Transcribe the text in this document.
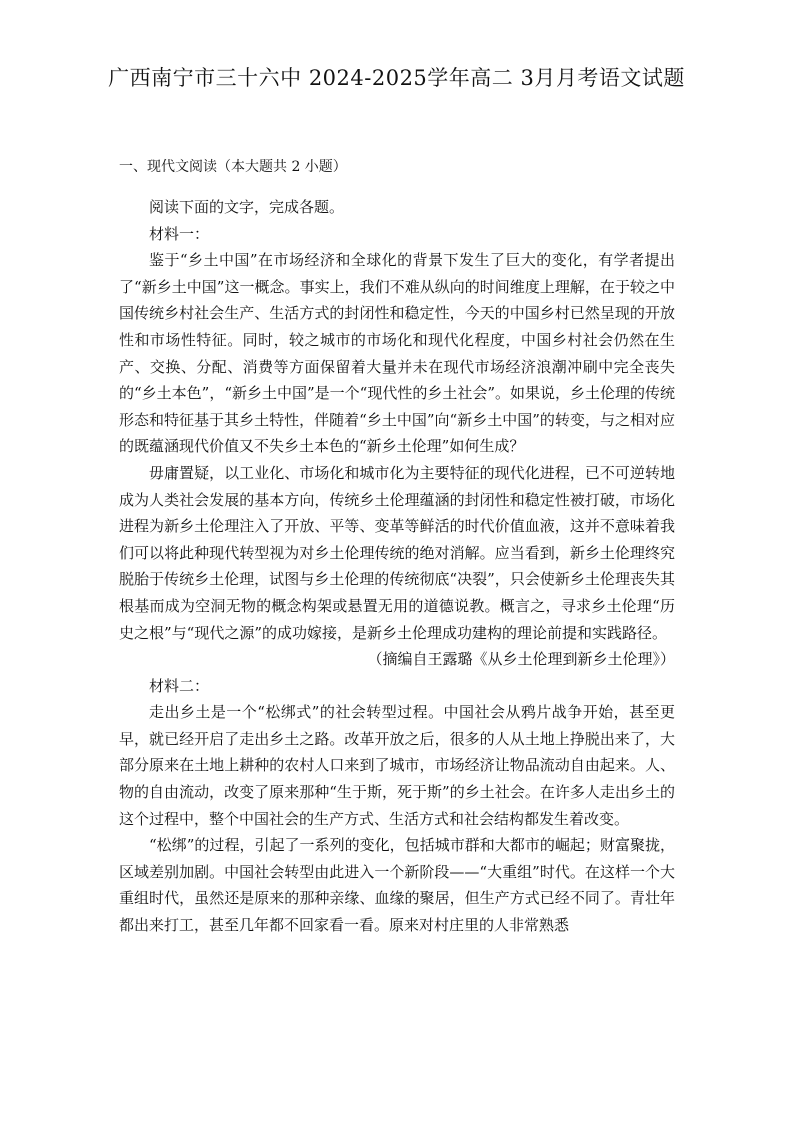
广西南宁市三十六中 2024-2025学年高二 3月月考语文试题
一、现代文阅读（本大题共 2 小题）

阅读下面的文字，完成各题。

材料一：

鉴于“乡土中国”在市场经济和全球化的背景下发生了巨大的变化，有学者提出了“新乡土中国”这一概念。事实上，我们不难从纵向的时间维度上理解，在于较之中国传统乡村社会生产、生活方式的封闭性和稳定性，今天的中国乡村已然呈现的开放性和市场性特征。同时，较之城市的市场化和现代化程度，中国乡村社会仍然在生产、交换、分配、消费等方面保留着大量并未在现代市场经济浪潮冲刷中完全丧失的“乡土本色”，“新乡土中国”是一个“现代性的乡土社会”。如果说，乡土伦理的传统形态和特征基于其乡土特性，伴随着“乡土中国”向“新乡土中国”的转变，与之相对应的既蕴涵现代价值又不失乡土本色的“新乡土伦理”如何生成？

毋庸置疑，以工业化、市场化和城市化为主要特征的现代化进程，已不可逆转地成为人类社会发展的基本方向，传统乡土伦理蕴涵的封闭性和稳定性被打破，市场化进程为新乡土伦理注入了开放、平等、变革等鲜活的时代价值血液，这并不意味着我们可以将此种现代转型视为对乡土伦理传统的绝对消解。应当看到，新乡土伦理终究脱胎于传统乡土伦理，试图与乡土伦理的传统彻底“决裂”，只会使新乡土伦理丧失其根基而成为空洞无物的概念构架或悬置无用的道德说教。概言之，寻求乡土伦理“历史之根”与“现代之源”的成功嫁接，是新乡土伦理成功建构的理论前提和实践路径。

（摘编自王露璐《从乡土伦理到新乡土伦理》）

材料二：

走出乡土是一个“松绑式”的社会转型过程。中国社会从鸦片战争开始，甚至更早，就已经开启了走出乡土之路。改革开放之后，很多的人从土地上挣脱出来了，大部分原来在土地上耕种的农村人口来到了城市，市场经济让物品流动自由起来。人、物的自由流动，改变了原来那种“生于斯，死于斯”的乡土社会。在许多人走出乡土的这个过程中，整个中国社会的生产方式、生活方式和社会结构都发生着改变。

“松绑”的过程，引起了一系列的变化，包括城市群和大都市的崛起；财富聚拢，区域差别加剧。中国社会转型由此进入一个新阶段——“大重组”时代。在这样一个大重组时代，虽然还是原来的那种亲缘、血缘的聚居，但生产方式已经不同了。青壮年都出来打工，甚至几年都不回家看一看。原来对村庄里的人非常熟悉
